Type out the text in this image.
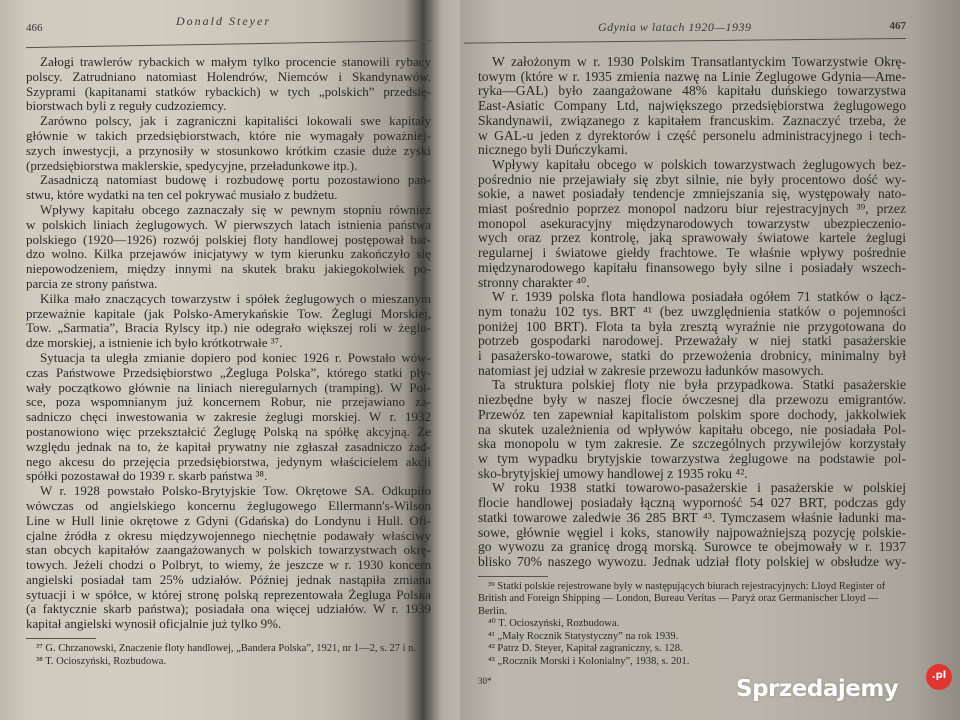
Donald Steyer
466
Załogi trawlerów rybackich w małym tylko procencie stanowili rybacy
polscy. Zatrudniano natomiast Holendrów, Niemców i Skandynawów.
Szyprami (kapitanami statków rybackich) w tych „polskich” przedsię-
biorstwach byli z reguły cudzoziemcy.
Zarówno polscy, jak i zagraniczni kapitaliści lokowali swe kapitały
głównie w takich przedsiębiorstwach, które nie wymagały poważniej-
szych inwestycji, a przynosiły w stosunkowo krótkim czasie duże zyski
(przedsiębiorstwa maklerskie, spedycyjne, przeładunkowe itp.).
Zasadniczą natomiast budowę i rozbudowę portu pozostawiono pań-
stwu, które wydatki na ten cel pokrywać musiało z budżetu.
Wpływy kapitału obcego zaznaczały się w pewnym stopniu również
w polskich liniach żeglugowych. W pierwszych latach istnienia państwa
polskiego (1920—1926) rozwój polskiej floty handlowej postępował bar-
dzo wolno. Kilka przejawów inicjatywy w tym kierunku zakończyło się
niepowodzeniem, między innymi na skutek braku jakiegokolwiek po-
parcia ze strony państwa.
Kilka mało znaczących towarzystw i spółek żeglugowych o mieszanym
przeważnie kapitale (jak Polsko-Amerykańskie Tow. Żeglugi Morskiej,
Tow. „Sarmatia”, Bracia Rylscy itp.) nie odegrało większej roli w żeglu-
dze morskiej, a istnienie ich było krótkotrwałe ³⁷.
Sytuacja ta uległa zmianie dopiero pod koniec 1926 r. Powstało wów-
czas Państwowe Przedsiębiorstwo „Żegluga Polska”, którego statki pły-
wały początkowo głównie na liniach nieregularnych (tramping). W Pol-
sce, poza wspomnianym już koncernem Robur, nie przejawiano za-
sadniczo chęci inwestowania w zakresie żeglugi morskiej. W r. 1932
postanowiono więc przekształcić Żeglugę Polską na spółkę akcyjną. Ze
względu jednak na to, że kapitał prywatny nie zgłaszał zasadniczo żad-
nego akcesu do przejęcia przedsiębiorstwa, jedynym właścicielem akcji
spółki pozostawał do 1939 r. skarb państwa ³⁸.
W r. 1928 powstało Polsko-Brytyjskie Tow. Okrętowe SA. Odkupiło
wówczas od angielskiego koncernu żeglugowego Ellermann's-Wilson
Line w Hull linie okrętowe z Gdyni (Gdańska) do Londynu i Hull. Ofi-
cjalne źródła z okresu międzywojennego niechętnie podawały właściwy
stan obcych kapitałów zaangażowanych w polskich towarzystwach okrę-
towych. Jeżeli chodzi o Polbryt, to wiemy, że jeszcze w r. 1930 koncern
angielski posiadał tam 25% udziałów. Później jednak nastąpiła zmiana
sytuacji i w spółce, w której stronę polską reprezentowała Żegluga Polska
(a faktycznie skarb państwa); posiadała ona więcej udziałów. W r. 1939
kapitał angielski wynosił oficjalnie już tylko 9%.
³⁷ G. Chrzanowski, Znaczenie floty handlowej, „Bandera Polska”, 1921, nr 1—2, s. 27 i n.
³⁸ T. Ocioszyński, Rozbudowa.
Gdynia w latach 1920—1939	467
W założonym w r. 1930 Polskim Transatlantyckim Towarzystwie Okrę-
towym (które w r. 1935 zmienia nazwę na Linie Żeglugowe Gdynia—Ame-
ryka—GAL) było zaangażowane 48% kapitału duńskiego towarzystwa
East-Asiatic Company Ltd, największego przedsiębiorstwa żeglugowego
Skandynawii, związanego z kapitałem francuskim. Zaznaczyć trzeba, że
w GAL-u jeden z dyrektorów i część personelu administracyjnego i tech-
nicznego byli Duńczykami.
Wpływy kapitału obcego w polskich towarzystwach żeglugowych bez-
pośrednio nie przejawiały się zbyt silnie, nie były procentowo dość wy-
sokie, a nawet posiadały tendencje zmniejszania się, występowały nato-
miast pośrednio poprzez monopol nadzoru biur rejestracyjnych ³⁹, przez
monopol asekuracyjny międzynarodowych towarzystw ubezpieczenio-
wych oraz przez kontrolę, jaką sprawowały światowe kartele żeglugi
regularnej i światowe giełdy frachtowe. Te właśnie wpływy pośrednie
międzynarodowego kapitału finansowego były silne i posiadały wszech-
stronny charakter ⁴⁰.
W r. 1939 polska flota handlowa posiadała ogółem 71 statków o łącz-
nym tonażu 102 tys. BRT ⁴¹ (bez uwzględnienia statków o pojemności
poniżej 100 BRT). Flota ta była zresztą wyraźnie nie przygotowana do
potrzeb gospodarki narodowej. Przeważały w niej statki pasażerskie
i pasażersko-towarowe, statki do przewożenia drobnicy, minimalny był
natomiast jej udział w zakresie przewozu ładunków masowych.
Ta struktura polskiej floty nie była przypadkowa. Statki pasażerskie
niezbędne były w naszej flocie ówczesnej dla przewozu emigrantów.
Przewóz ten zapewniał kapitalistom polskim spore dochody, jakkolwiek
na skutek uzależnienia od wpływów kapitału obcego, nie posiadała Pol-
ska monopolu w tym zakresie. Ze szczególnych przywilejów korzystały
w tym wypadku brytyjskie towarzystwa żeglugowe na podstawie pol-
sko-brytyjskiej umowy handlowej z 1935 roku ⁴².
W roku 1938 statki towarowo-pasażerskie i pasażerskie w polskiej
flocie handlowej posiadały łączną wyporność 54 027 BRT, podczas gdy
statki towarowe zaledwie 36 285 BRT ⁴³. Tymczasem właśnie ładunki ma-
sowe, głównie węgiel i koks, stanowiły najpoważniejszą pozycję polskie-
go wywozu za granicę drogą morską. Surowce te obejmowały w r. 1937
blisko 70% naszego wywozu. Jednak udział floty polskiej w obsłudze wy-
³⁹ Statki polskie rejestrowane były w następujących biurach rejestracyjnych: Lloyd Register of British and Foreign Shipping — London, Bureau Veritas — Paryż oraz Germanischer Lloyd — Berlin.
⁴⁰ T. Ocioszyński, Rozbudowa.
⁴¹ „Mały Rocznik Statystyczny” na rok 1939.
⁴² Patrz D. Steyer, Kapitał zagraniczny, s. 128.
⁴³ „Rocznik Morski i Kolonialny”, 1938, s. 201.
30*	Sprzedajemy
.pl
